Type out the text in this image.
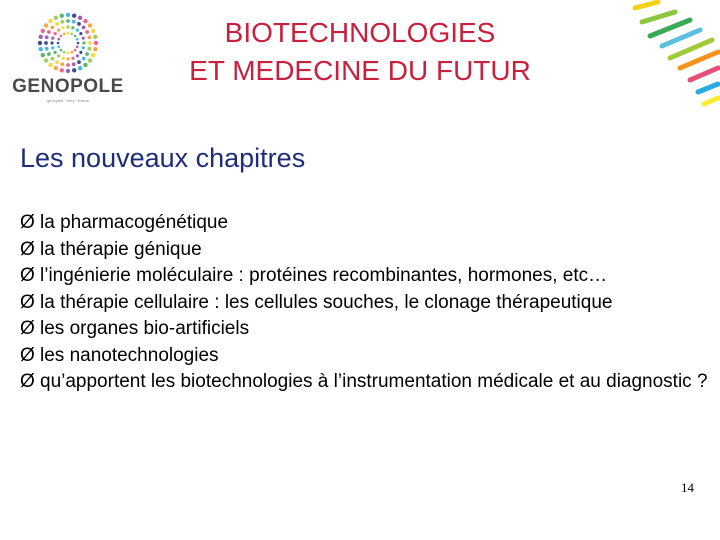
GENOPOLE
genopole · évry · france
BIOTECHNOLOGIES
ET MEDECINE DU FUTUR
Les nouveaux chapitres
Ø la pharmacogénétique
Ø la thérapie génique
Ø l’ingénierie moléculaire : protéines recombinantes, hormones, etc…
Ø la thérapie cellulaire : les cellules souches, le clonage thérapeutique
Ø les organes bio-artificiels
Ø les nanotechnologies
Ø qu’apportent les biotechnologies à l’instrumentation médicale et au diagnostic ?
14
